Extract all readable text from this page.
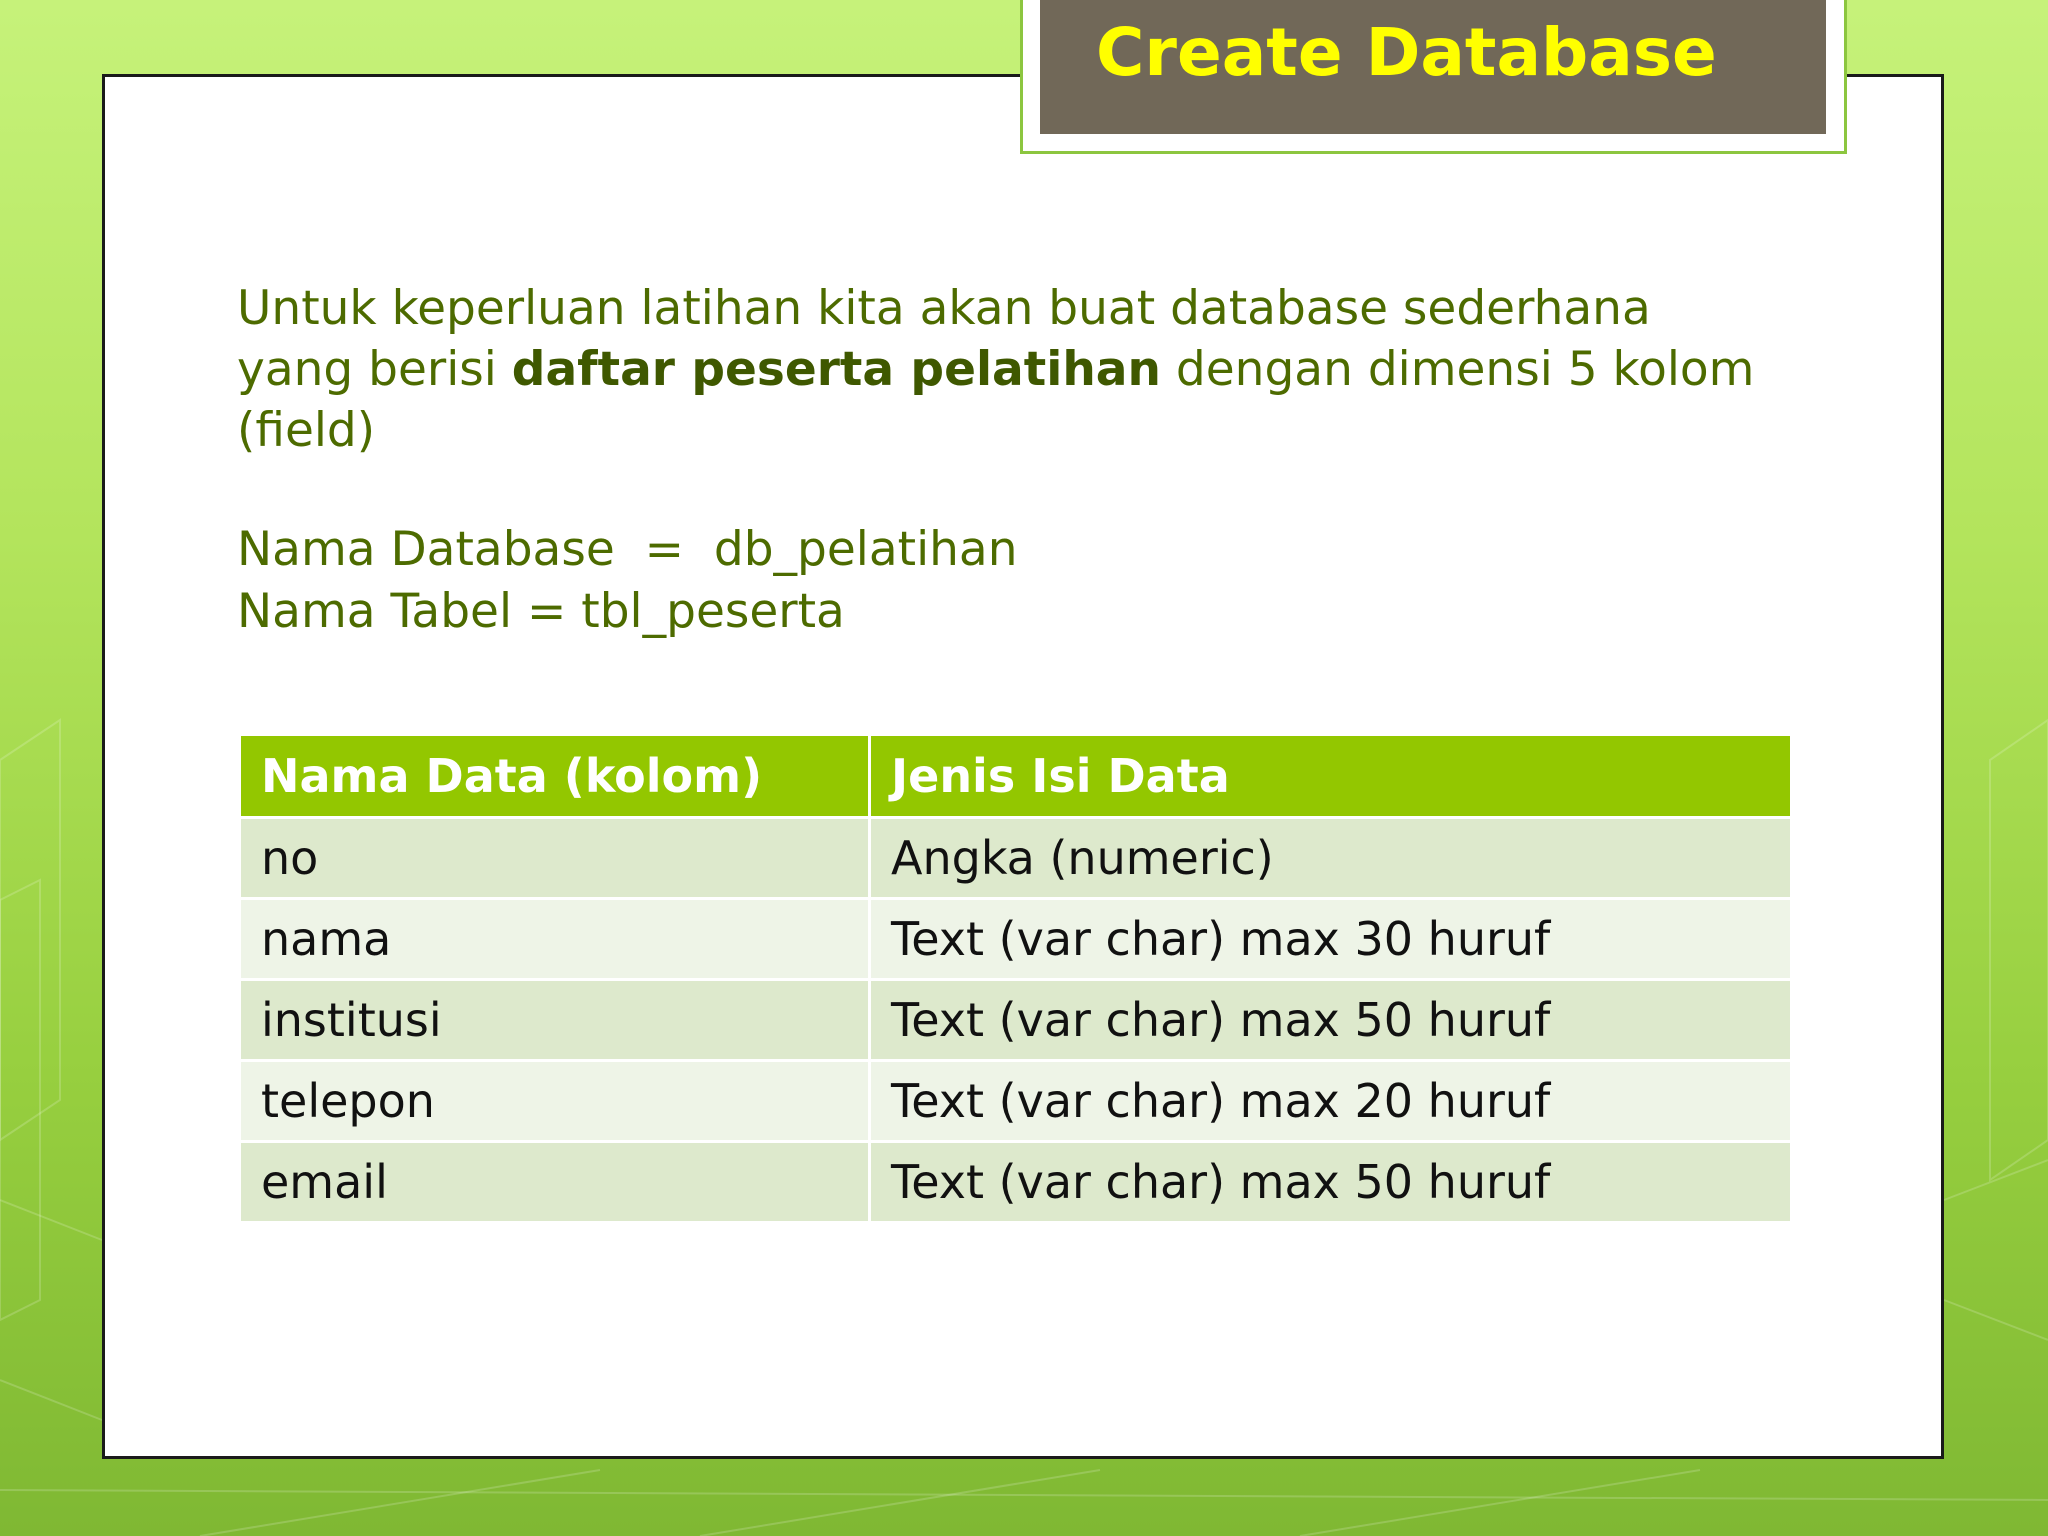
Create Database

Untuk keperluan latihan kita akan buat database sederhana yang berisi daftar peserta pelatihan dengan dimensi 5 kolom (field)

Nama Database  =  db_pelatihan
Nama Tabel = tbl_peserta
Nama Data (kolom)	Jenis Isi Data
no	Angka (numeric)
nama	Text (var char) max 30 huruf
institusi	Text (var char) max 50 huruf
telepon	Text (var char) max 20 huruf
email	Text (var char) max 50 huruf
